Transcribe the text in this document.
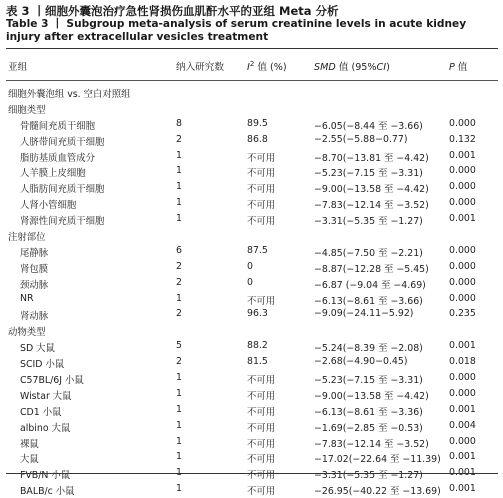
表 3 丨细胞外囊泡治疗急性肾损伤血肌酐水平的亚组 Meta 分析
Table 3 丨 Subgroup meta-analysis of serum creatinine levels in acute kidney injury after extracellular vesicles treatment
亚组	纳入研究数 $I^2$ 值 (%)	SMD 值 (95%CI)	P 值
细胞外囊泡组 vs. 空白对照组
细胞类型
骨髓间充质干细胞	8	89.5	−6.05(−8.44 至 −3.66)	0.000
人脐带间充质干细胞	2	86.8	−2.55(−5.88−0.77)	0.132
脂肪基质血管成分	1	不可用	−8.70(−13.81 至 −4.42) 0.001
人羊膜上皮细胞	1	不可用	−5.23(−7.15 至 −3.31)	0.000
人脂肪间充质干细胞	1	不可用	−9.00(−13.58 至 −4.42) 0.000
人肾小管细胞	1	不可用	−7.83(−12.14 至 −3.52) 0.000
肾源性间充质干细胞	1	不可用	−3.31(−5.35 至 −1.27)	0.001
注射部位
尾静脉	6	87.5	−4.85(−7.50 至 −2.21)	0.000
肾包膜	2	0	−8.87(−12.28 至 −5.45) 0.000
颈动脉	2	0	−6.87 (−9.04 至 −4.69) 0.000
NR	1	不可用	−6.13(−8.61 至 −3.66)	0.000
肾动脉	2	96.3	−9.09(−24.11−5.92)	0.235
动物类型
SD 大鼠	5	88.2	−5.24(−8.39 至 −2.08)	0.001
SCID 小鼠	2	81.5	−2.68(−4.90−0.45)	0.018
C57BL/6J 小鼠	1	不可用	−5.23(−7.15 至 −3.31)	0.000
Wistar 大鼠	1	不可用	−9.00(−13.58 至 −4.42) 0.000
CD1 小鼠	1	不可用	−6.13(−8.61 至 −3.36)	0.001
albino 大鼠	1	不可用	−1.69(−2.85 至 −0.53)	0.004
裸鼠	1	不可用	−7.83(−12.14 至 −3.52) 0.000
大鼠	1	不可用	−17.02(−22.64 至 −11.39) 0.001
FVB/N 小鼠	1	不可用	−3.31(−5.35 至 −1.27)	0.001
BALB/c 小鼠	1	不可用	−26.95(−40.22 至 −13.69) 0.001
